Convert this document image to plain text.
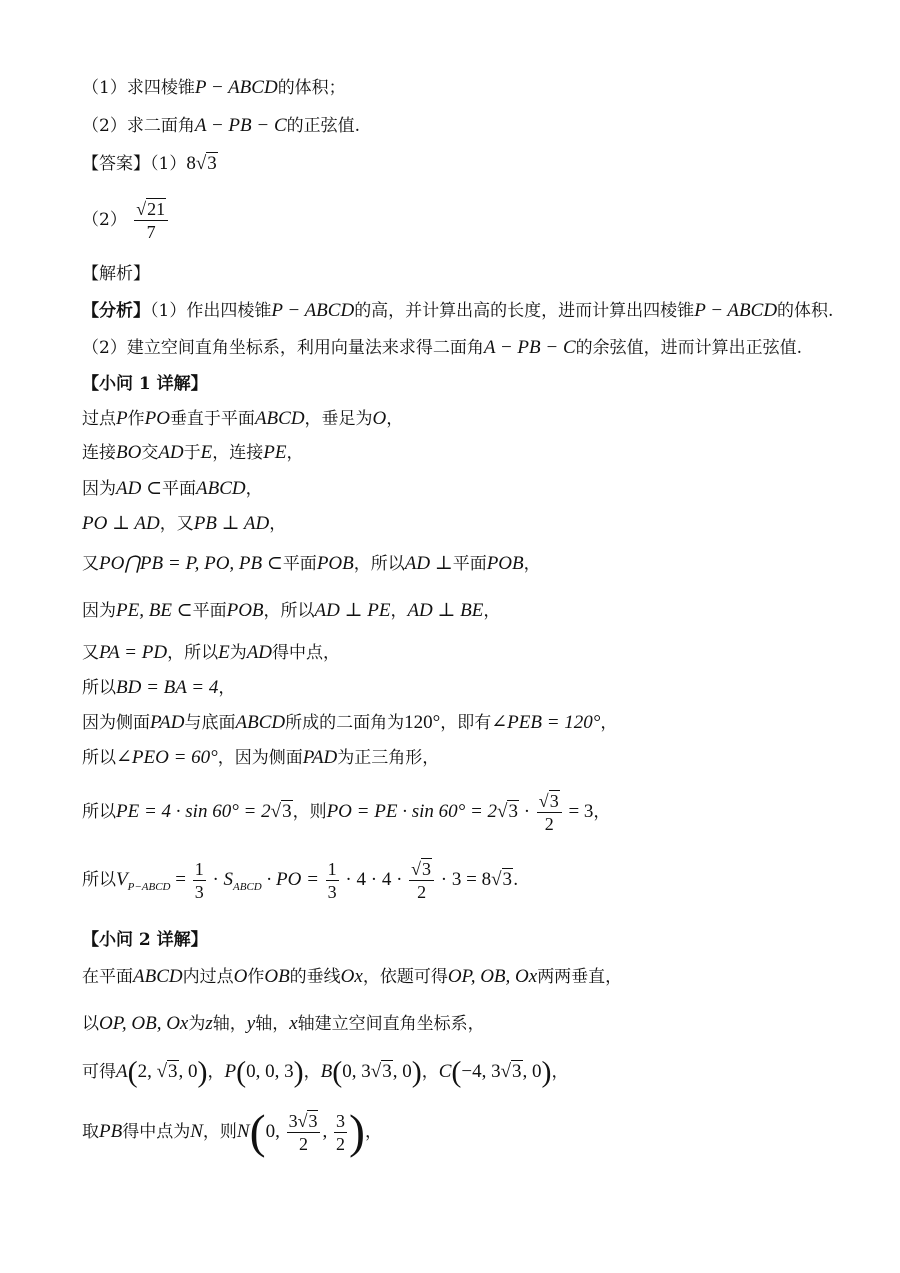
（1）求四棱锥P − ABCD的体积；
（2）求二面角A − PB − C的正弦值.
【答案】（1）8√3
$(2) \frac{√21}{7}$
【解析】
【分析】（1）作出四棱锥P − ABCD的高，并计算出高的长度，进而计算出四棱锥P − ABCD的体积.
（2）建立空间直角坐标系，利用向量法来求得二面角A − PB − C的余弦值，进而计算出正弦值.
【小问 1 详解】
过点P作PO垂直于平面ABCD，垂足为O，
连接BO交AD于E，连接PE，
因为AD ⊂平面ABCD，
PO ⊥ AD，又PB ⊥ AD，
又PO⋂PB = P, PO, PB ⊂平面POB，所以AD ⊥平面POB，
因为PE, BE ⊂平面POB，所以AD ⊥ PE，AD ⊥ BE，
又PA = PD，所以E为AD得中点，
所以BD = BA = 4，
因为侧面PAD与底面ABCD所成的二面角为120°，即有∠PEB = 120°，
所以∠PEO = 60°，因为侧面PAD为正三角形，
所以PE = 4 · sin 60° = 2√3，则PO = PE · $\sin 60^\circ = 2√3 \cdot \frac{√3}{2} = 3$，
所以$V_{P-ABCD} = \frac{1}{3} \cdot S_{ABCD}$ · PO = $\frac{1}{3} \cdot 4 \cdot 4 \cdot \frac{√3}{2} \cdot 3 = 8√3$.
【小问 2 详解】
在平面ABCD内过点O作OB的垂线Ox，依题可得OP, OB, Ox两两垂直，
以OP, OB, Ox为z轴，y轴，x轴建立空间直角坐标系，
可得A(2, √3, 0)，P(0, 0, 3)，B(0, 3√3, 0)，C(−4, 3√3, 0)，
取PB得中点为N，则N(0, $\frac{3√3}{2}$ , $\frac{3}{2}$ )，
